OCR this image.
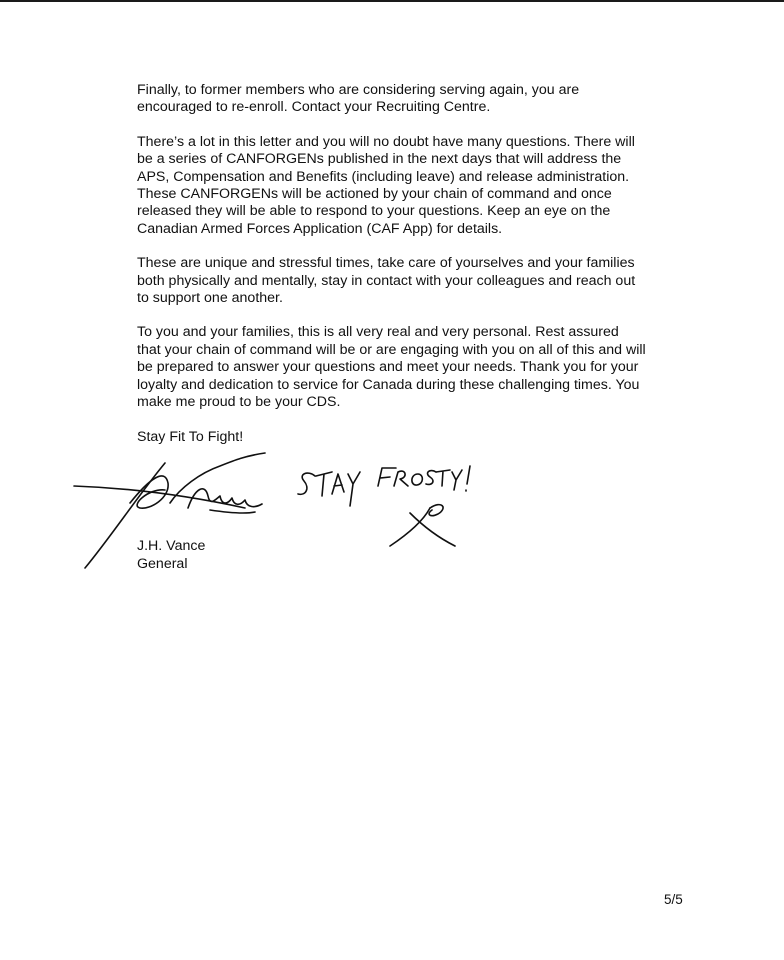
Finally, to former members who are considering serving again, you are
encouraged to re-enroll. Contact your Recruiting Centre.

There’s a lot in this letter and you will no doubt have many questions. There will
be a series of CANFORGENs published in the next days that will address the
APS, Compensation and Benefits (including leave) and release administration.
These CANFORGENs will be actioned by your chain of command and once
released they will be able to respond to your questions. Keep an eye on the
Canadian Armed Forces Application (CAF App) for details.

These are unique and stressful times, take care of yourselves and your families
both physically and mentally, stay in contact with your colleagues and reach out
to support one another.

To you and your families, this is all very real and very personal. Rest assured
that your chain of command will be or are engaging with you on all of this and will
be prepared to answer your questions and meet your needs. Thank you for your
loyalty and dedication to service for Canada during these challenging times. You
make me proud to be your CDS.

Stay Fit To Fight!

J.H. Vance
General
5/5
